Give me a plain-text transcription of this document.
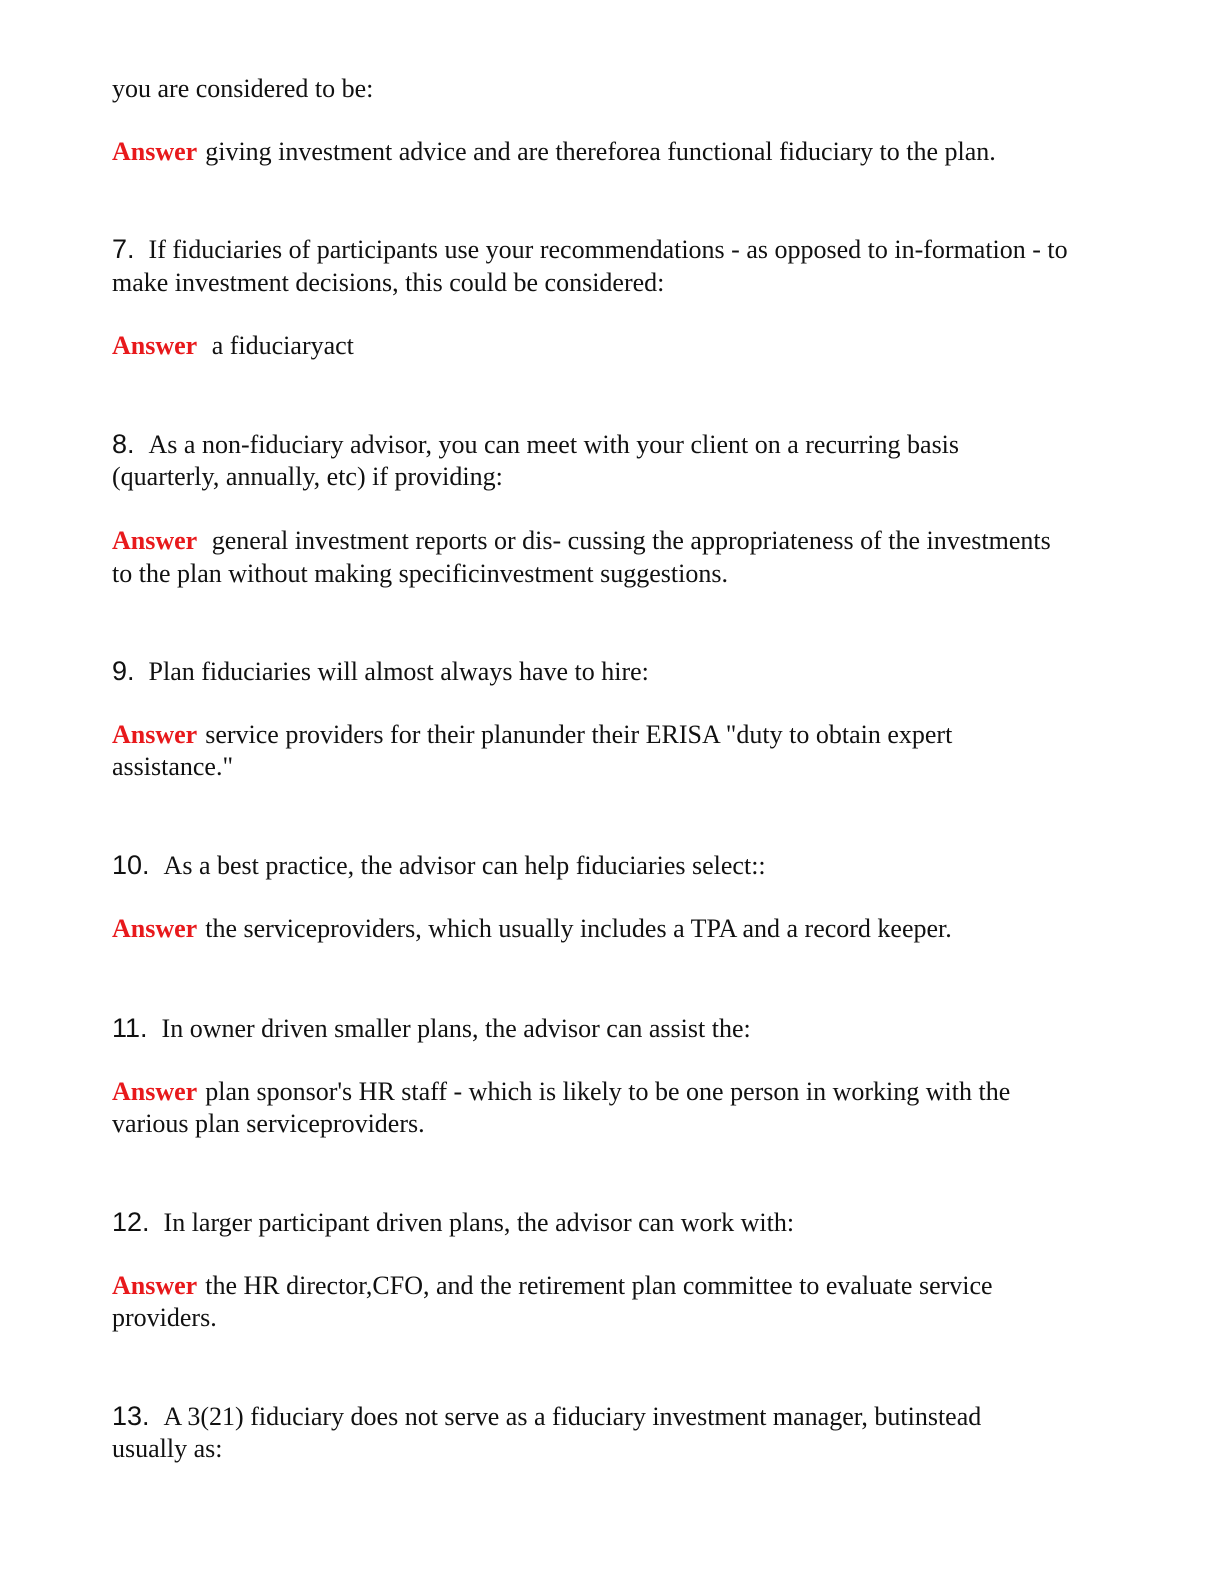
you are considered to be:
Answer giving investment advice and are thereforea functional fiduciary to the plan.
7. If fiduciaries of participants use your recommendations - as opposed to in-formation - to
make investment decisions, this could be considered:
Answer a fiduciaryact
8. As a non-fiduciary advisor, you can meet with your client on a recurring basis
(quarterly, annually, etc) if providing:
Answer general investment reports or dis- cussing the appropriateness of the investments
to the plan without making specificinvestment suggestions.
9. Plan fiduciaries will almost always have to hire:
Answer service providers for their planunder their ERISA "duty to obtain expert
assistance."
10. As a best practice, the advisor can help fiduciaries select::
Answer the serviceproviders, which usually includes a TPA and a record keeper.
11. In owner driven smaller plans, the advisor can assist the:
Answer plan sponsor's HR staff - which is likely to be one person in working with the
various plan serviceproviders.
12. In larger participant driven plans, the advisor can work with:
Answer the HR director,CFO, and the retirement plan committee to evaluate service
providers.
13. A 3(21) fiduciary does not serve as a fiduciary investment manager, butinstead
usually as:
